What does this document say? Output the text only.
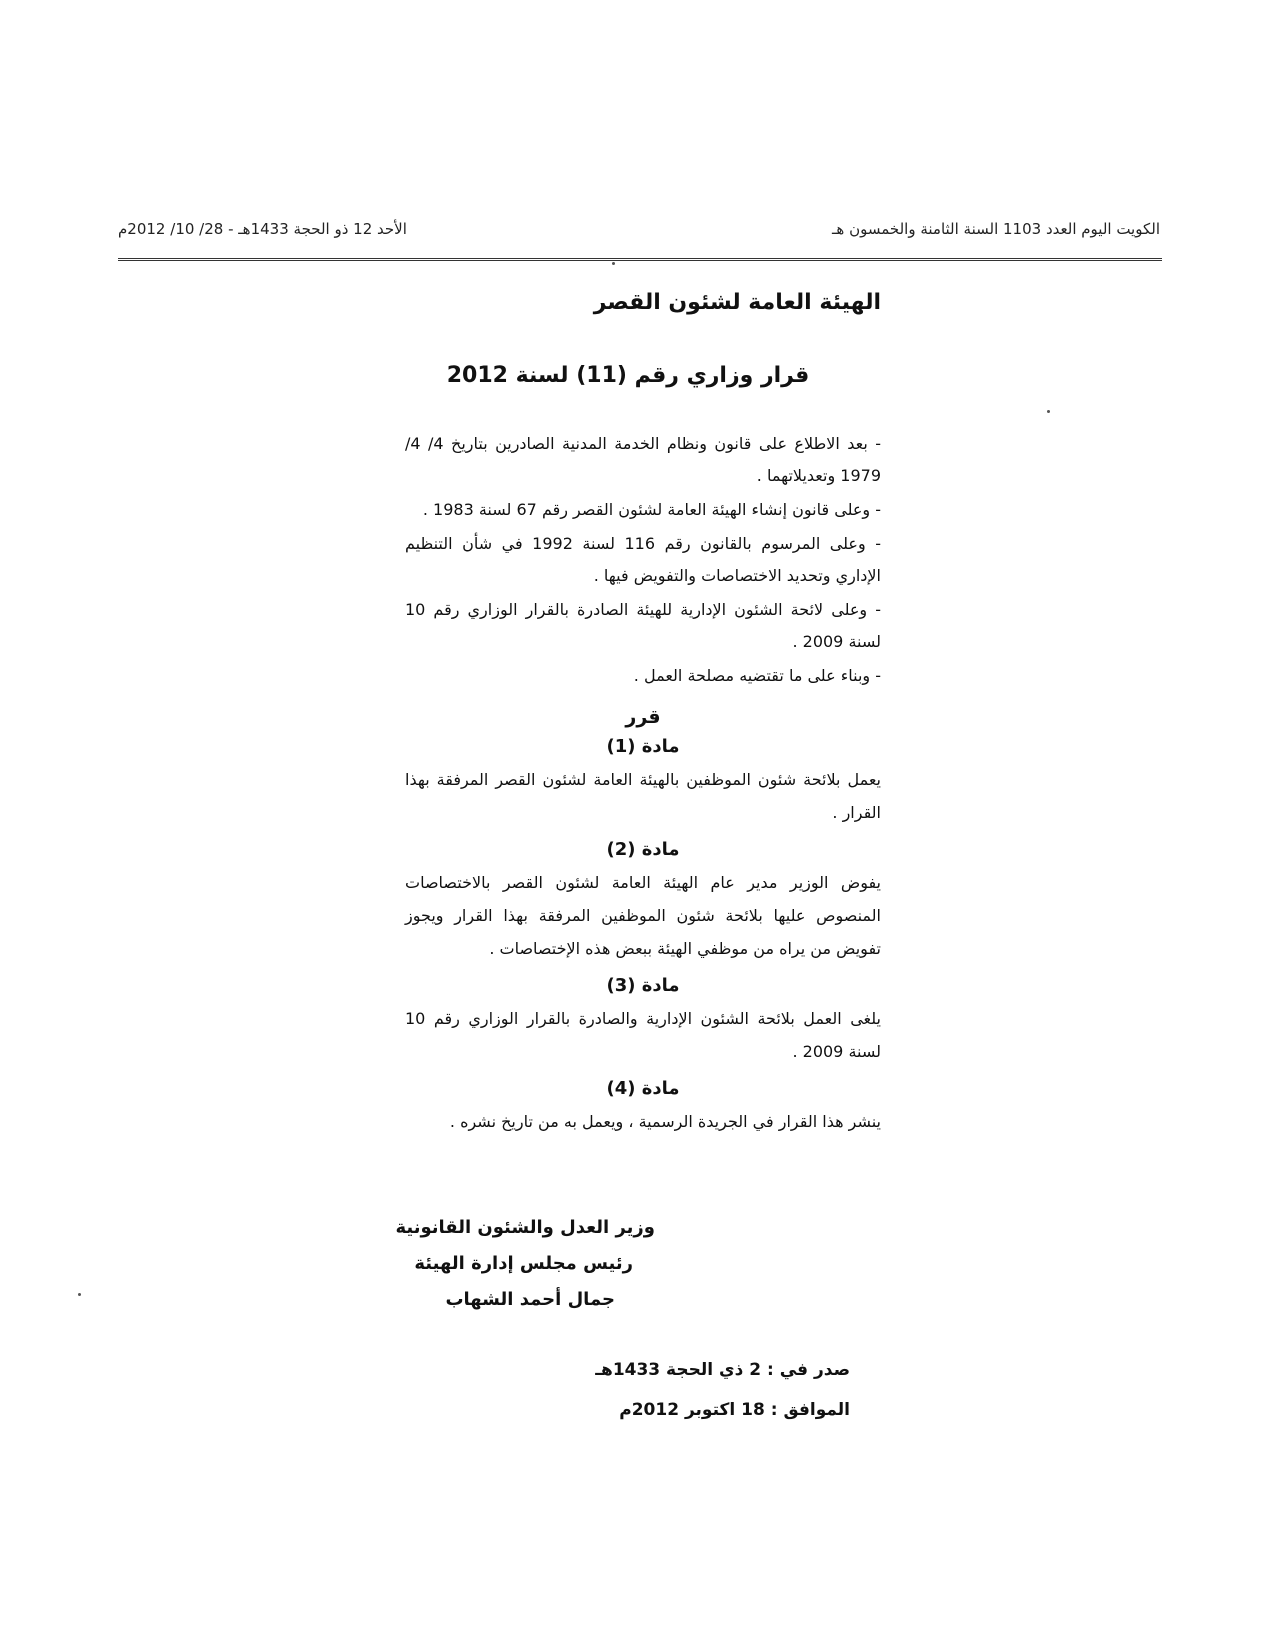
الكويت اليوم العدد 1103 السنة الثامنة والخمسون هـ
الأحد 12 ذو الحجة 1433هـ - 28/ 10/ 2012م
الهيئة العامة لشئون القصر
قرار وزاري رقم (11) لسنة 2012

- بعد الاطلاع على قانون ونظام الخدمة المدنية الصادرين بتاريخ 4/ 4/ 1979 وتعديلاتهما .

- وعلى قانون إنشاء الهيئة العامة لشئون القصر رقم 67 لسنة 1983 .

- وعلى المرسوم بالقانون رقم 116 لسنة 1992 في شأن التنظيم الإداري وتحديد الاختصاصات والتفويض فيها .

- وعلى لائحة الشئون الإدارية للهيئة الصادرة بالقرار الوزاري رقم 10 لسنة 2009 .

- وبناء على ما تقتضيه مصلحة العمل .

قرر
مادة (1)

يعمل بلائحة شئون الموظفين بالهيئة العامة لشئون القصر المرفقة بهذا القرار .

مادة (2)

يفوض الوزير مدير عام الهيئة العامة لشئون القصر بالاختصاصات المنصوص عليها بلائحة شئون الموظفين المرفقة بهذا القرار ويجوز تفويض من يراه من موظفي الهيئة ببعض هذه الإختصاصات .

مادة (3)

يلغى العمل بلائحة الشئون الإدارية والصادرة بالقرار الوزاري رقم 10 لسنة 2009 .

مادة (4)

ينشر هذا القرار في الجريدة الرسمية ، ويعمل به من تاريخ نشره .

وزير العدل والشئون القانونية
رئيس مجلس إدارة الهيئة
جمال أحمد الشهاب
صدر في : 2 ذي الحجة 1433هـ
الموافق : 18 اكتوبر 2012م
